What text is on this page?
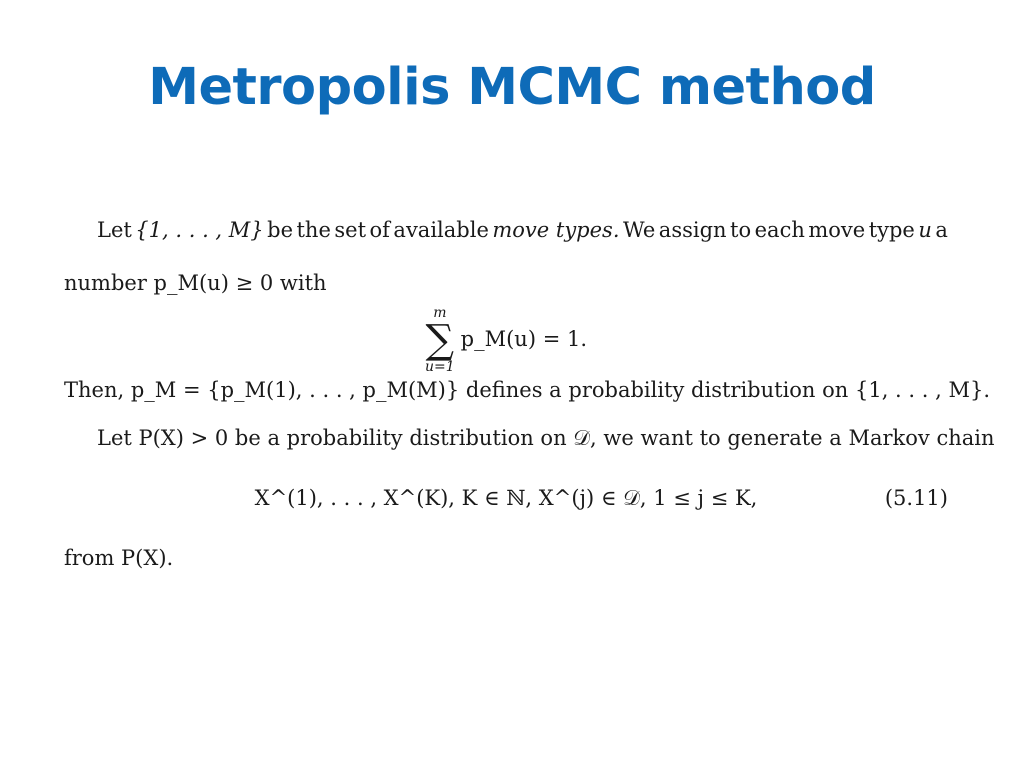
Metropolis MCMC method
Let {1, . . . , M} be the set of available move types. We assign to each move type u a
number p_M(u) ≥ 0 with
m
∑
u=1
p_M(u) = 1.
Then, p_M = {p_M(1), . . . , p_M(M)} defines a probability distribution on {1, . . . , M}.
Let P(X) > 0 be a probability distribution on 𝒟, we want to generate a Markov chain
X^(1), . . . , X^(K), K ∈ ℕ, X^(j) ∈ 𝒟, 1 ≤ j ≤ K,	(5.11)
from P(X).
